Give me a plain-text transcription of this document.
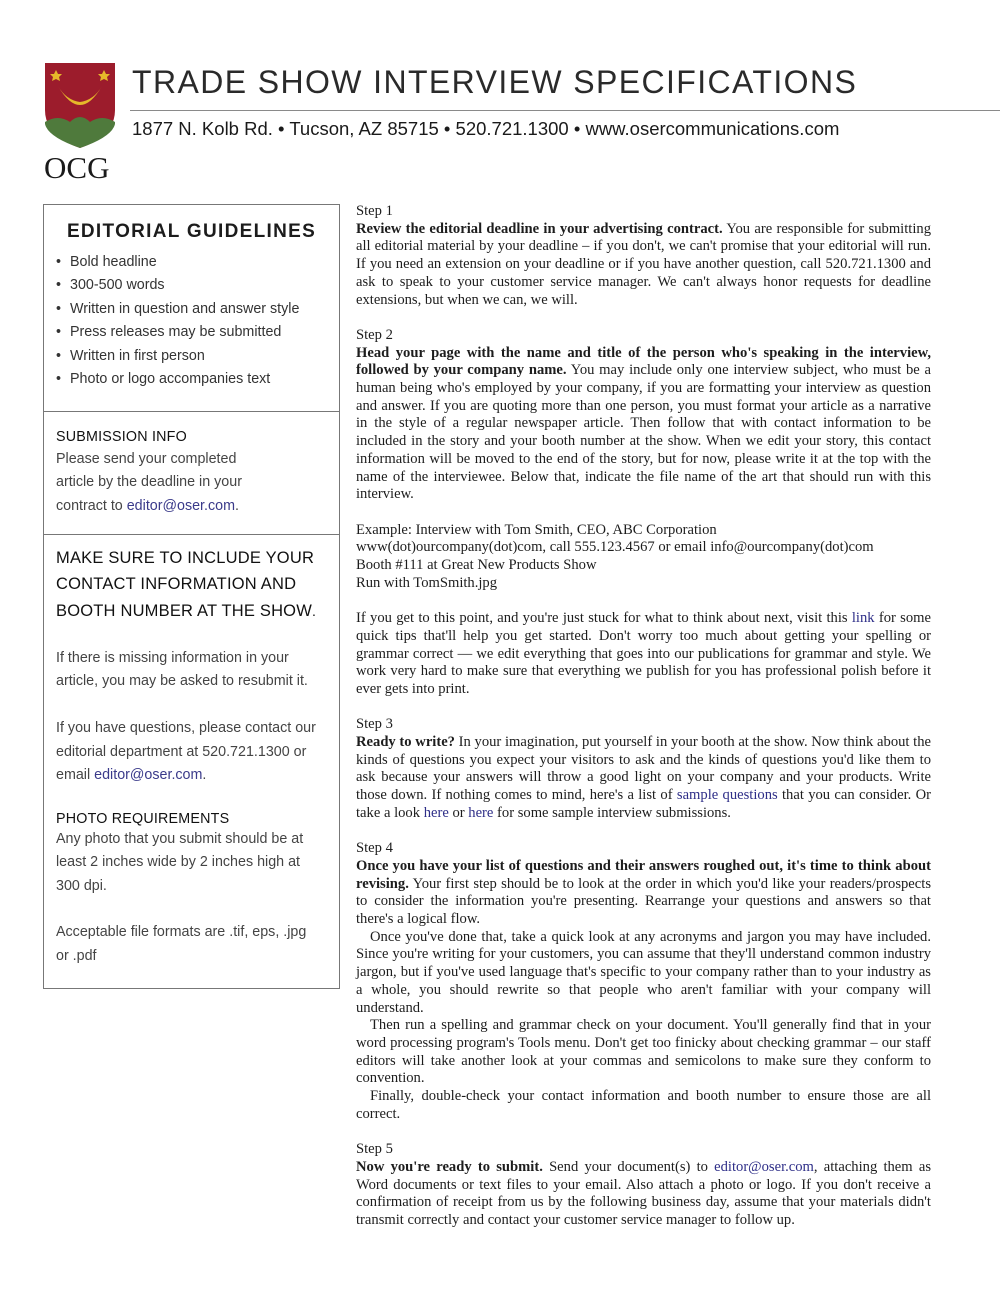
OCG
TRADE SHOW INTERVIEW SPECIFICATIONS
1877 N. Kolb Rd. • Tucson, AZ 85715 • 520.721.1300 • www.osercommunications.com
EDITORIAL GUIDELINES
• Bold headline
• 300-500 words
• Written in question and answer style
• Press releases may be submitted
• Written in first person
• Photo or logo accompanies text
SUBMISSION INFO
Please send your completed
article by the deadline in your
contract to editor@oser.com.
MAKE SURE TO INCLUDE YOUR
CONTACT INFORMATION AND
BOOTH NUMBER AT THE SHOW.
If there is missing information in your
article, you may be asked to resubmit it.
If you have questions, please contact our
editorial department at 520.721.1300 or
email editor@oser.com.
PHOTO REQUIREMENTS
Any photo that you submit should be at
least 2 inches wide by 2 inches high at
300 dpi.
Acceptable file formats are .tif, eps, .jpg
or .pdf

Step 1

Review the editorial deadline in your advertising contract. You are responsible for submitting all editorial material by your deadline – if you don't, we can't promise that your editorial will run. If you need an extension on your deadline or if you have another question, call 520.721.1300 and ask to speak to your customer service manager. We can't always honor requests for deadline extensions, but when we can, we will.

Step 2

Head your page with the name and title of the person who's speaking in the interview, followed by your company name. You may include only one interview subject, who must be a human being who's employed by your company, if you are formatting your interview as question and answer. If you are quoting more than one person, you must format your article as a narrative in the style of a regular newspaper article. Then follow that with contact information to be included in the story and your booth number at the show. When we edit your story, this contact information will be moved to the end of the story, but for now, please write it at the top with the name of the interviewee. Below that, indicate the file name of the art that should run with this interview.

Example: Interview with Tom Smith, CEO, ABC Corporation

www(dot)ourcompany(dot)com, call 555.123.4567 or email info@ourcompany(dot)com

Booth #111 at Great New Products Show

Run with TomSmith.jpg

If you get to this point, and you're just stuck for what to think about next, visit this link for some quick tips that'll help you get started. Don't worry too much about getting your spelling or grammar correct — we edit everything that goes into our publications for grammar and style. We work very hard to make sure that everything we publish for you has professional polish before it ever gets into print.

Step 3

Ready to write? In your imagination, put yourself in your booth at the show. Now think about the kinds of questions you expect your visitors to ask and the kinds of questions you'd like them to ask because your answers will throw a good light on your company and your products. Write those down. If nothing comes to mind, here's a list of sample questions that you can consider. Or take a look here or here for some sample interview submissions.

Step 4

Once you have your list of questions and their answers roughed out, it's time to think about revising. Your first step should be to look at the order in which you'd like your readers/prospects to consider the information you're presenting. Rearrange your questions and answers so that there's a logical flow.

Once you've done that, take a quick look at any acronyms and jargon you may have included. Since you're writing for your customers, you can assume that they'll understand common industry jargon, but if you've used language that's specific to your company rather than to your industry as a whole, you should rewrite so that people who aren't familiar with your company will understand.

Then run a spelling and grammar check on your document. You'll generally find that in your word processing program's Tools menu. Don't get too finicky about checking grammar – our staff editors will take another look at your commas and semicolons to make sure they conform to convention.

Finally, double-check your contact information and booth number to ensure those are all correct.

Step 5

Now you're ready to submit. Send your document(s) to editor@oser.com, attaching them as Word documents or text files to your email. Also attach a photo or logo. If you don't receive a confirmation of receipt from us by the following business day, assume that your materials didn't transmit correctly and contact your customer service manager to follow up.
